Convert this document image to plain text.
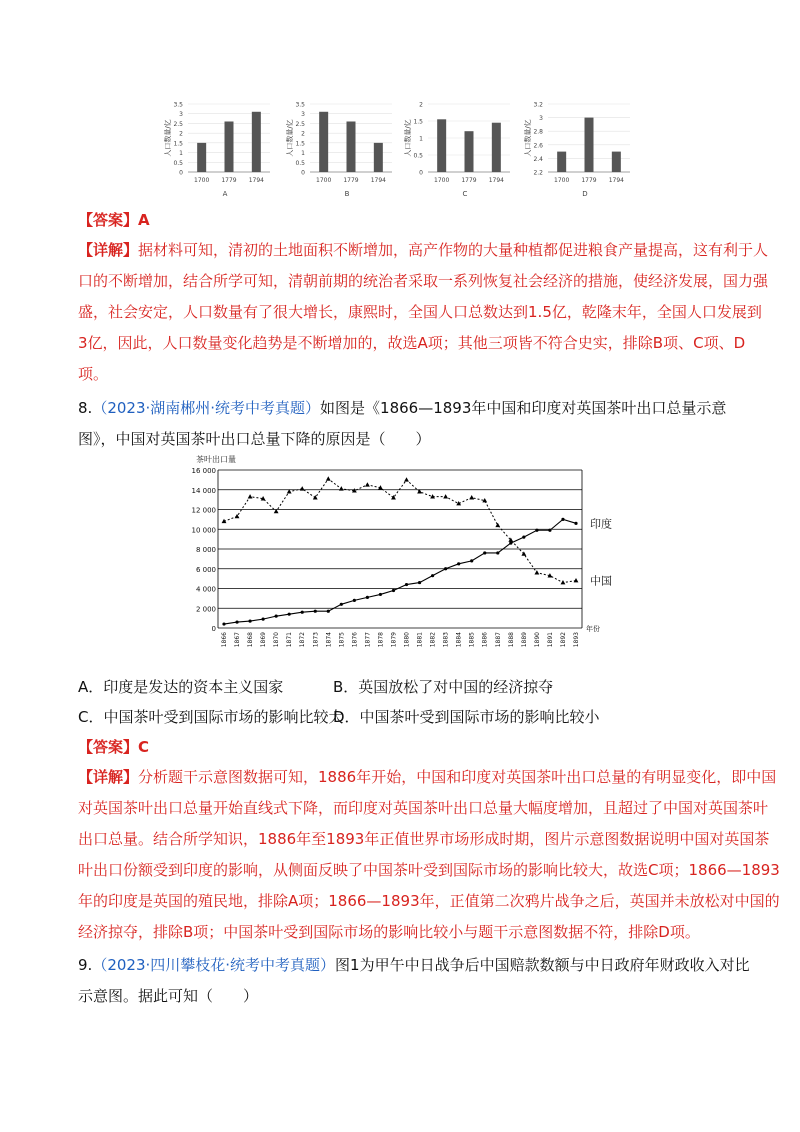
人口数量/亿
3.5
3
2.5
2
1.5
1
0.5
0
1700 1779 1794
A
人口数量/亿
3.5
3
2.5
2
1.5
1
0.5
0
1700 1779 1794
B
人口数量/亿
2
1.5
1
0.5
0
1700 1779 1794
C
人口数量/亿
3.2
3
2.8
2.6
2.4
2.2
1700 1779 1794
D
【答案】A
【详解】据材料可知，清初的土地面积不断增加，高产作物的大量种植都促进粮食产量提高，这有利于人
口的不断增加，结合所学可知，清朝前期的统治者采取一系列恢复社会经济的措施，使经济发展，国力强
盛，社会安定，人口数量有了很大增长，康熙时，全国人口总数达到1.5亿，乾隆末年，全国人口发展到
3亿，因此，人口数量变化趋势是不断增加的，故选A项；其他三项皆不符合史实，排除B项、C项、D
项。
8.（2023·湖南郴州·统考中考真题）如图是《1866—1893年中国和印度对英国茶叶出口总量示意
图》，中国对英国茶叶出口总量下降的原因是（　　）
茶叶出口量
0
2 000
4 000
6 000
8 000
10 000
12 000
14 000
16 000
1866 1867 1868 1869 1870 1871 1872 1873 1874 1875 1876 1877 1878 1879 1880 1881 1882 1883 1884 1885 1886 1887 1888 1889 1890 1891 1892 1893
年份
印度
中国
A．印度是发达的资本主义国家	B．英国放松了对中国的经济掠夺
C．中国茶叶受到国际市场的影响比较大D．中国茶叶受到国际市场的影响比较小
【答案】C
【详解】分析题干示意图数据可知，1886年开始，中国和印度对英国茶叶出口总量的有明显变化，即中国
对英国茶叶出口总量开始直线式下降，而印度对英国茶叶出口总量大幅度增加，且超过了中国对英国茶叶
出口总量。结合所学知识，1886年至1893年正值世界市场形成时期，图片示意图数据说明中国对英国茶
叶出口份额受到印度的影响，从侧面反映了中国茶叶受到国际市场的影响比较大，故选C项；1866—1893
年的印度是英国的殖民地，排除A项；1866—1893年，正值第二次鸦片战争之后，英国并未放松对中国的
经济掠夺，排除B项；中国茶叶受到国际市场的影响比较小与题干示意图数据不符，排除D项。
9.（2023·四川攀枝花·统考中考真题）图1为甲午中日战争后中国赔款数额与中日政府年财政收入对比
示意图。据此可知（　　）
